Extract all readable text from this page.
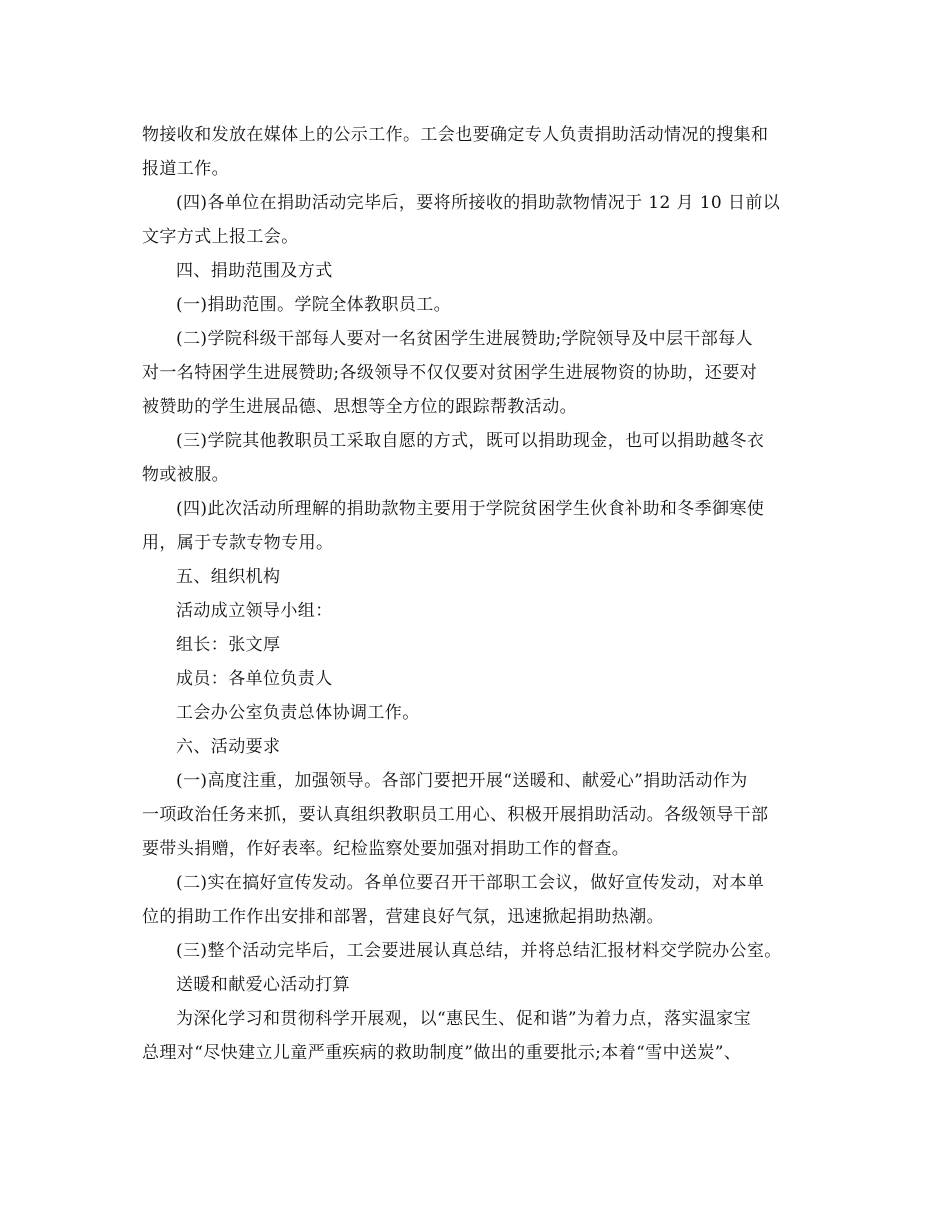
物接收和发放在媒体上的公示工作。工会也要确定专人负责捐助活动情况的搜集和
报道工作。
(四)各单位在捐助活动完毕后，要将所接收的捐助款物情况于 12 月 10 日前以
文字方式上报工会。
四、捐助范围及方式
(一)捐助范围。学院全体教职员工。
(二)学院科级干部每人要对一名贫困学生进展赞助;学院领导及中层干部每人
对一名特困学生进展赞助;各级领导不仅仅要对贫困学生进展物资的协助，还要对
被赞助的学生进展品德、思想等全方位的跟踪帮教活动。
(三)学院其他教职员工采取自愿的方式，既可以捐助现金，也可以捐助越冬衣
物或被服。
(四)此次活动所理解的捐助款物主要用于学院贫困学生伙食补助和冬季御寒使
用，属于专款专物专用。
五、组织机构
活动成立领导小组：
组长：张文厚
成员：各单位负责人
工会办公室负责总体协调工作。
六、活动要求
(一)高度注重，加强领导。各部门要把开展“送暖和、献爱心”捐助活动作为
一项政治任务来抓，要认真组织教职员工用心、积极开展捐助活动。各级领导干部
要带头捐赠，作好表率。纪检监察处要加强对捐助工作的督查。
(二)实在搞好宣传发动。各单位要召开干部职工会议，做好宣传发动，对本单
位的捐助工作作出安排和部署，营建良好气氛，迅速掀起捐助热潮。
(三)整个活动完毕后，工会要进展认真总结，并将总结汇报材料交学院办公室。
送暖和献爱心活动打算
为深化学习和贯彻科学开展观，以“惠民生、促和谐”为着力点，落实温家宝
总理对“尽快建立儿童严重疾病的救助制度”做出的重要批示;本着“雪中送炭”、
